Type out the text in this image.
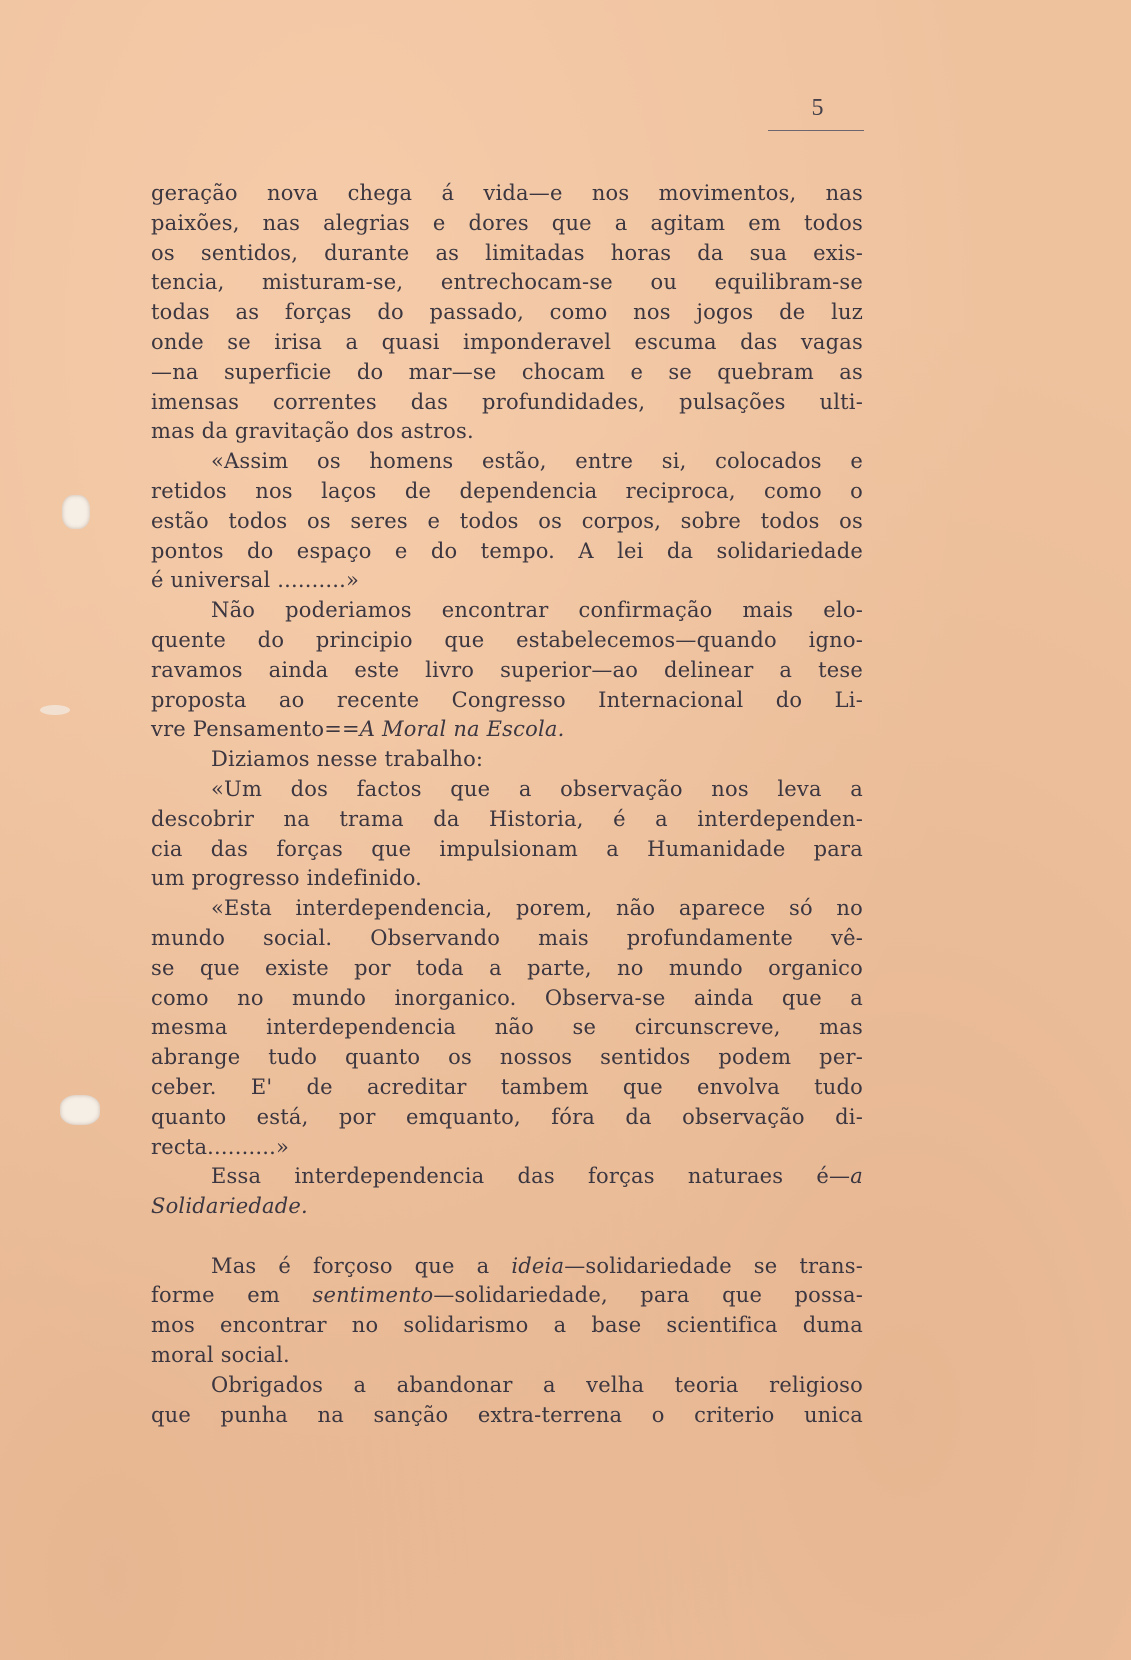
5
geração nova chega á vida—e nos movimentos, nas
paixões, nas alegrias e dores que a agitam em todos
os sentidos, durante as limitadas horas da sua exis-
tencia, misturam-se, entrechocam-se ou equilibram-se
todas as forças do passado, como nos jogos de luz
onde se irisa a quasi imponderavel escuma das vagas
—na superficie do mar—se chocam e se quebram as
imensas correntes das profundidades, pulsações ulti-
mas da gravitação dos astros.
«Assim os homens estão, entre si, colocados e
retidos nos laços de dependencia reciproca, como o
estão todos os seres e todos os corpos, sobre todos os
pontos do espaço e do tempo. A lei da solidariedade
é universal ..........»
Não poderiamos encontrar confirmação mais elo-
quente do principio que estabelecemos—quando igno-
ravamos ainda este livro superior—ao delinear a tese
proposta ao recente Congresso Internacional do Li-
vre Pensamento==A Moral na Escola.
Diziamos nesse trabalho:
«Um dos factos que a observação nos leva a
descobrir na trama da Historia, é a interdependen-
cia das forças que impulsionam a Humanidade para
um progresso indefinido.
«Esta interdependencia, porem, não aparece só no
mundo social. Observando mais profundamente vê-
se que existe por toda a parte, no mundo organico
como no mundo inorganico. Observa-se ainda que a
mesma interdependencia não se circunscreve, mas
abrange tudo quanto os nossos sentidos podem per-
ceber. E' de acreditar tambem que envolva tudo
quanto está, por emquanto, fóra da observação di-
recta..........»
Essa interdependencia das forças naturaes é—a
Solidariedade.
Mas é forçoso que a ideia—solidariedade se trans-
forme em sentimento—solidariedade, para que possa-
mos encontrar no solidarismo a base scientifica duma
moral social.
Obrigados a abandonar a velha teoria religioso
que punha na sanção extra-terrena o criterio unica
